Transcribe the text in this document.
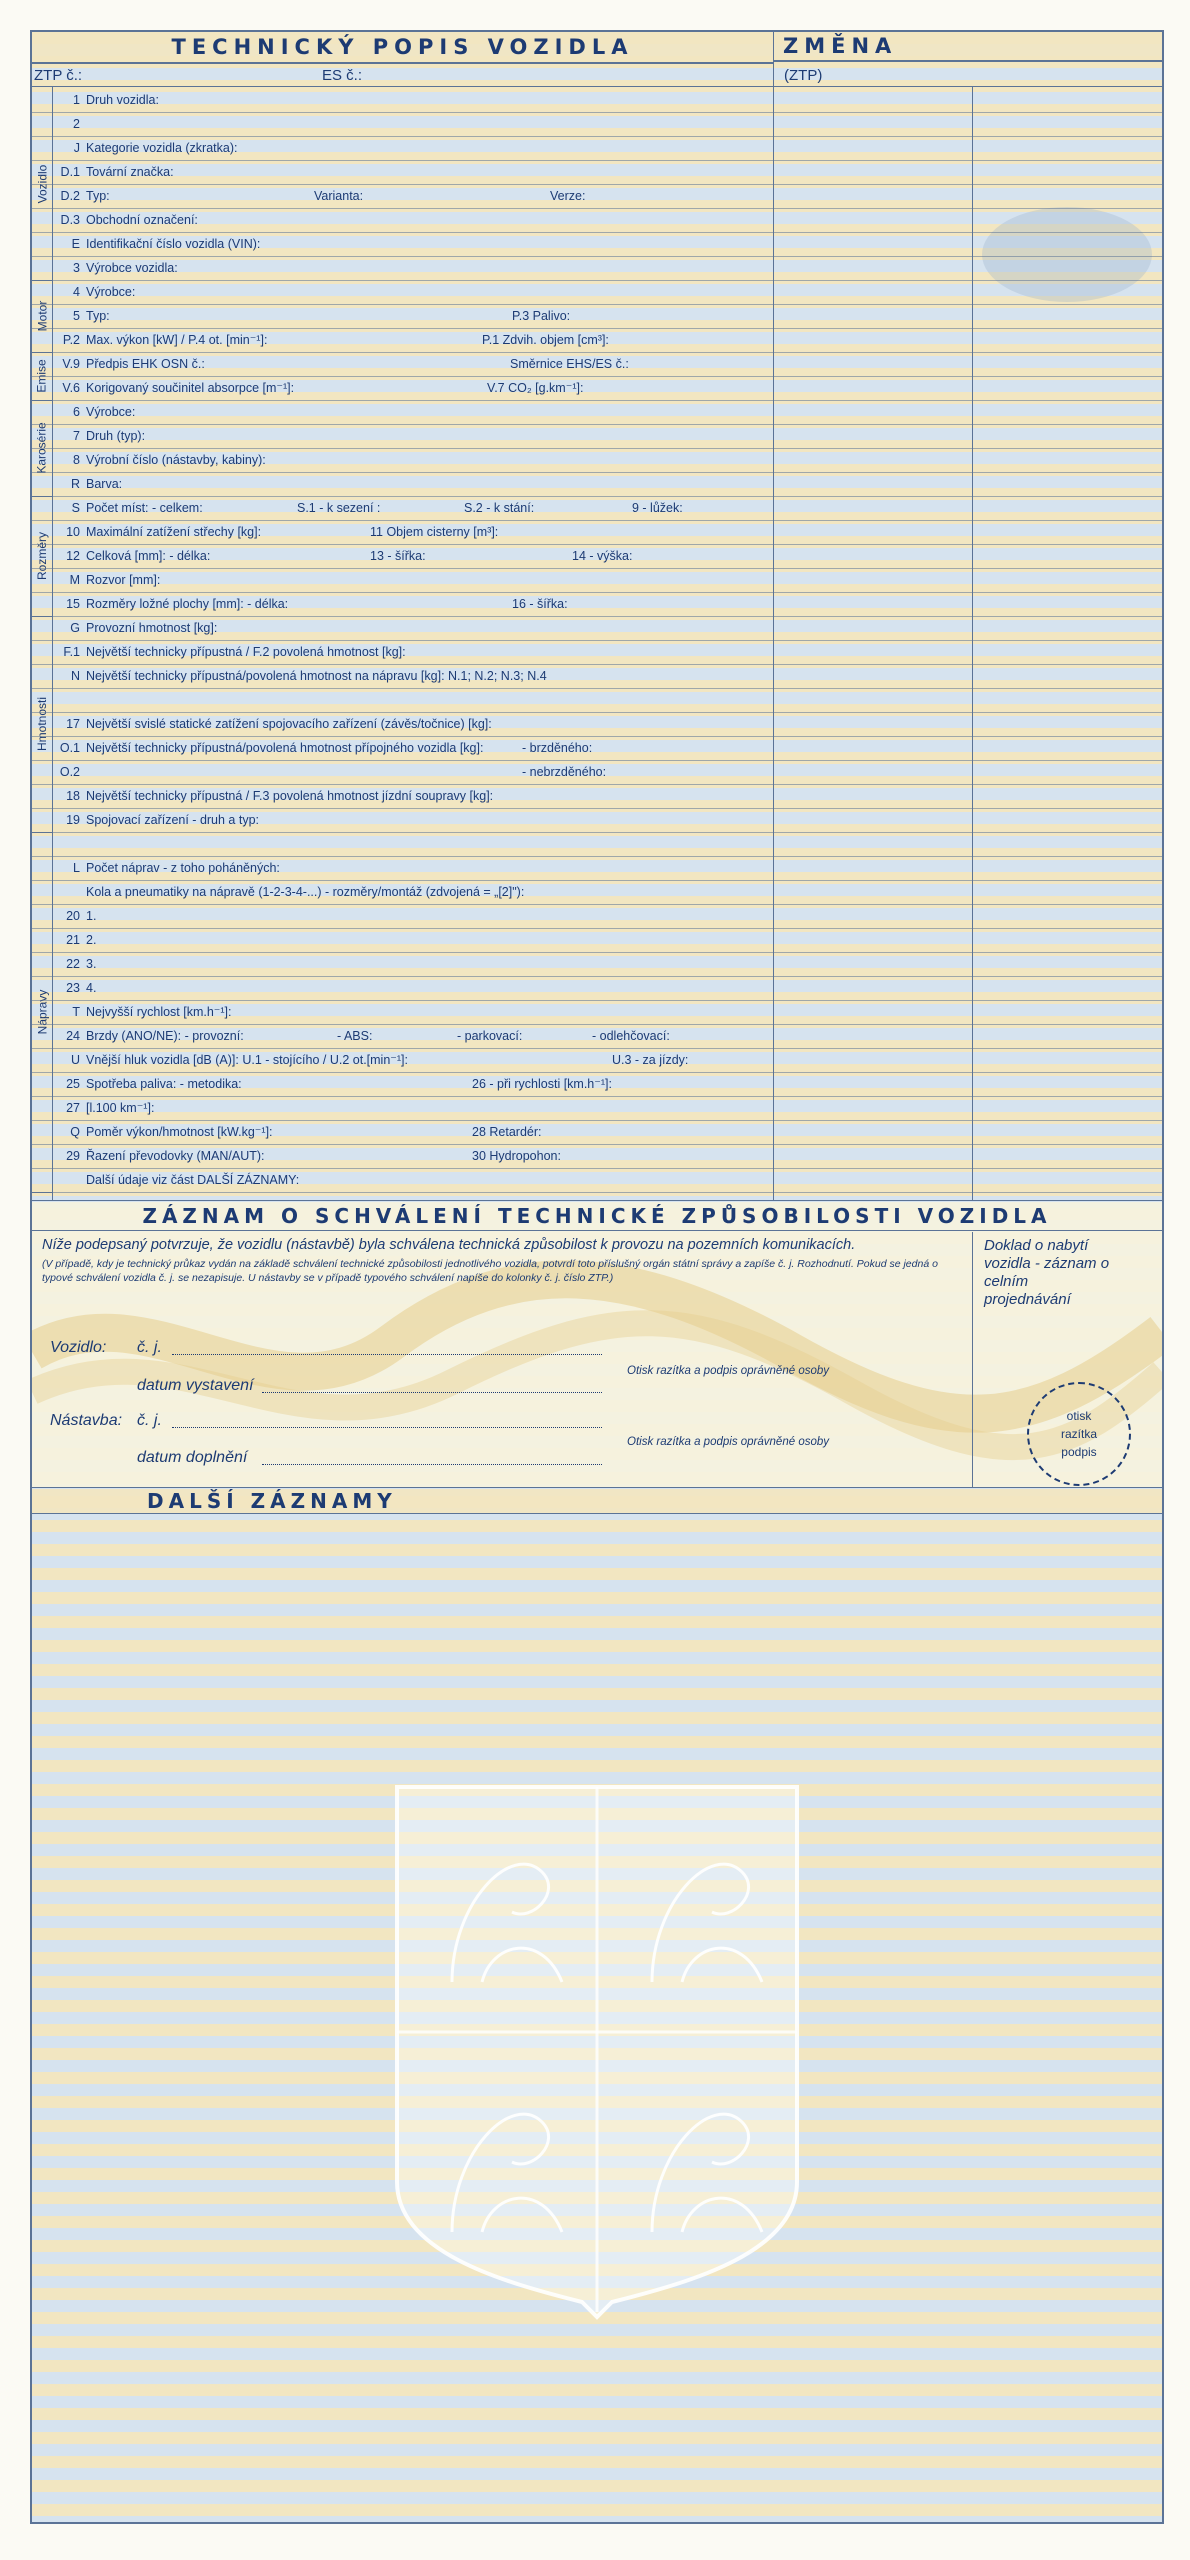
TECHNICKÝ POPIS VOZIDLA	ZMĚNA
ZTP č.:	ES č.:	(ZTP)
1 Druh vozidla:
2
J Kategorie vozidla (zkratka):
D.1 Tovární značka:
D.2 Typ:	Varianta:	Verze:
D.3 Obchodní označení:
E Identifikační číslo vozidla (VIN):
3 Výrobce vozidla:
4 Výrobce:
5 Typ:	P.3 Palivo:
P.2 Max. výkon [kW] / P.4 ot. [min⁻¹]:	P.1 Zdvih. objem [cm³]:
V.9 Předpis EHK OSN č.:	Směrnice EHS/ES č.:
V.6 Korigovaný součinitel absorpce [m⁻¹]:	V.7 CO₂ [g.km⁻¹]:
6 Výrobce:
7 Druh (typ):
8 Výrobní číslo (nástavby, kabiny):
R Barva:
S Počet míst: - celkem:	S.1 - k sezení :	S.2 - k stání:	9 - lůžek:
10 Maximální zatížení střechy [kg]:	11 Objem cisterny [m³]:
12 Celková [mm]: - délka:	13 - šířka:	14 - výška:
M Rozvor [mm]:
15 Rozměry ložné plochy [mm]: - délka:	16 - šířka:
G Provozní hmotnost [kg]:
F.1 Největší technicky přípustná / F.2 povolená hmotnost [kg]:
N Největší technicky přípustná/povolená hmotnost na nápravu [kg]: N.1; N.2; N.3; N.4
17 Největší svislé statické zatížení spojovacího zařízení (závěs/točnice) [kg]:
O.1 Největší technicky přípustná/povolená hmotnost přípojného vozidla [kg]:	- brzděného:
O.2	- nebrzděného:
18 Největší technicky přípustná / F.3 povolená hmotnost jízdní soupravy [kg]:
19 Spojovací zařízení - druh a typ:
L Počet náprav - z toho poháněných:
Kola a pneumatiky na nápravě (1-2-3-4-...) - rozměry/montáž (zdvojená = „[2]"):
20 1.
21 2.
22 3.
23 4.
T Nejvyšší rychlost [km.h⁻¹]:
24 Brzdy (ANO/NE): - provozní:	- ABS:	- parkovací:	- odlehčovací:
U Vnější hluk vozidla [dB (A)]: U.1 - stojícího / U.2 ot.[min⁻¹]:	U.3 - za jízdy:
25 Spotřeba paliva: - metodika:	26 - při rychlosti [km.h⁻¹]:
27 [l.100 km⁻¹]:
Q Poměr výkon/hmotnost [kW.kg⁻¹]:	28 Retardér:
29 Řazení převodovky (MAN/AUT):	30 Hydropohon:
Další údaje viz část DALŠÍ ZÁZNAMY:
Vozidlo
Motor
Emise
Karosérie
Rozměry
Hmotnosti
Nápravy
ZÁZNAM O SCHVÁLENÍ TECHNICKÉ ZPŮSOBILOSTI VOZIDLA
Níže podepsaný potvrzuje, že vozidlu (nástavbě) byla schválena technická způsobilost k provozu na pozemních komunikacích.
(V případě, kdy je technický průkaz vydán na základě schválení technické způsobilosti jednotlivého vozidla, potvrdí toto příslušný orgán státní správy a zapíše č. j. Rozhodnutí. Pokud se jedná o typové schválení vozidla č. j. se nezapisuje. U nástavby se v případě typového schválení napíše do kolonky č. j. číslo ZTP.)
Doklad o nabytí vozidla - záznam o celním projednávání
Vozidlo: č. j.
Otisk razítka a podpis oprávněné osoby
datum vystavení
Nástavba: č. j.
Otisk razítka a podpis oprávněné osoby
datum doplnění
otisk
razítka
podpis
DALŠÍ ZÁZNAMY
